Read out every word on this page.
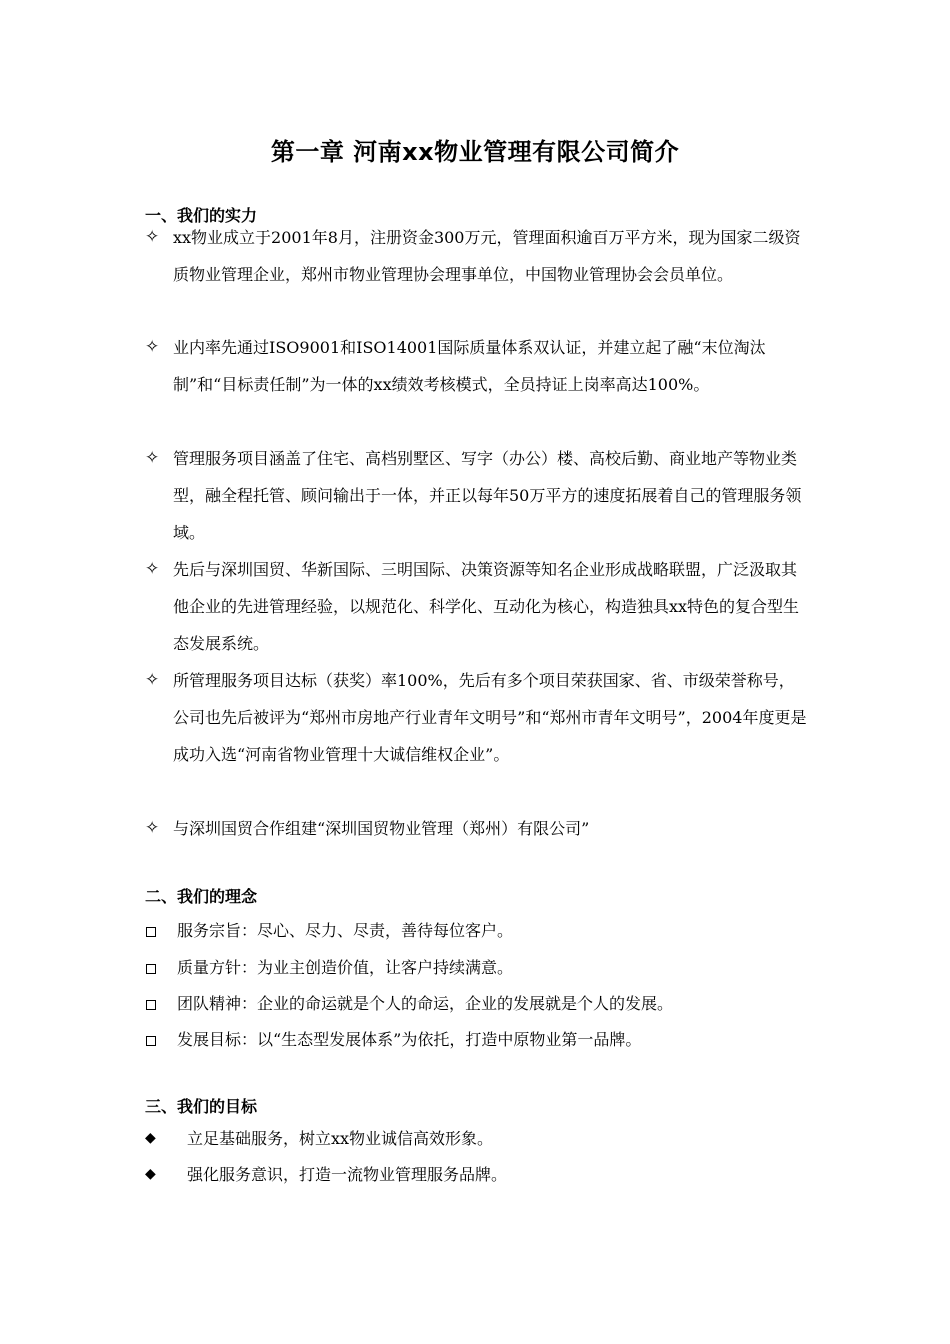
第一章 河南xx物业管理有限公司简介
一、我们的实力
✧ xx物业成立于2001年8月，注册资金300万元，管理面积逾百万平方米，现为国家二级资质物业管理企业，郑州市物业管理协会理事单位，中国物业管理协会会员单位。
✧ 业内率先通过ISO9001和ISO14001国际质量体系双认证，并建立起了融“末位淘汰制”和“目标责任制”为一体的xx绩效考核模式，全员持证上岗率高达100%。
✧ 管理服务项目涵盖了住宅、高档别墅区、写字（办公）楼、高校后勤、商业地产等物业类型，融全程托管、顾问输出于一体，并正以每年50万平方的速度拓展着自己的管理服务领域。
✧ 先后与深圳国贸、华新国际、三明国际、决策资源等知名企业形成战略联盟，广泛汲取其他企业的先进管理经验，以规范化、科学化、互动化为核心，构造独具xx特色的复合型生态发展系统。
✧ 所管理服务项目达标（获奖）率100%，先后有多个项目荣获国家、省、市级荣誉称号，公司也先后被评为“郑州市房地产行业青年文明号”和“郑州市青年文明号”，2004年度更是成功入选“河南省物业管理十大诚信维权企业”。
✧ 与深圳国贸合作组建“深圳国贸物业管理（郑州）有限公司”
二、我们的理念
服务宗旨：尽心、尽力、尽责，善待每位客户。
质量方针：为业主创造价值，让客户持续满意。
团队精神：企业的命运就是个人的命运，企业的发展就是个人的发展。
发展目标：以“生态型发展体系”为依托，打造中原物业第一品牌。
三、我们的目标
◆	立足基础服务，树立xx物业诚信高效形象。
◆	强化服务意识，打造一流物业管理服务品牌。
